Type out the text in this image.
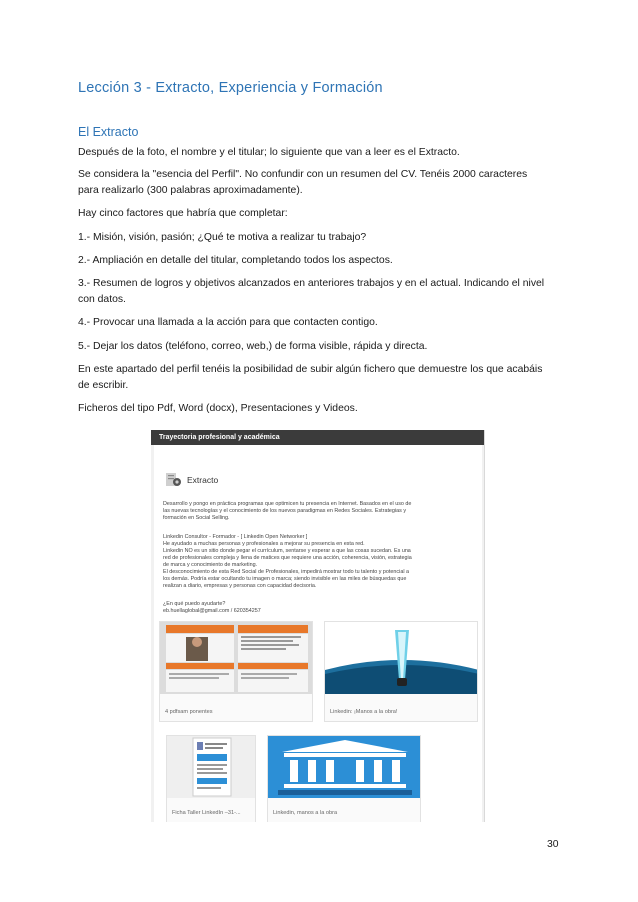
Lección 3 - Extracto, Experiencia y Formación
El Extracto
Después de la foto, el nombre y el titular; lo siguiente que van a leer es el Extracto.
Se considera la "esencia del Perfil". No confundir con un resumen del CV. Tenéis 2000 caracteres
para realizarlo (300 palabras aproximadamente).
Hay cinco factores que habría que completar:
1.- Misión, visión, pasión; ¿Qué te motiva a realizar tu trabajo?
2.- Ampliación en detalle del titular, completando todos los aspectos.
3.- Resumen de logros y objetivos alcanzados en anteriores trabajos y en el actual. Indicando el nivel
con datos.
4.- Provocar una llamada a la acción para que contacten contigo.
5.- Dejar los datos (teléfono, correo, web,) de forma visible, rápida y directa.
En este apartado del perfil tenéis la posibilidad de subir algún fichero que demuestre los que acabáis
de escribir.
Ficheros del tipo Pdf, Word (docx), Presentaciones y Videos.
Trayectoria profesional y académica
Extracto
Desarrollo y pongo en práctica programas que optimicen tu presencia en Internet. Basados en el uso de
las nuevas tecnologías y el conocimiento de los nuevos paradigmas en Redes Sociales. Estrategias y
formación en Social Selling.
Linkedin Consultor - Formador - [ Linkedin Open Networker ]
He ayudado a muchas personas y profesionales a mejorar su presencia en esta red.
Linkedin NO es un sitio donde pegar el currículum, sentarse y esperar a que las cosas sucedan. Es una
red de profesionales compleja y llena de matices que requiere una acción, coherencia, visión, estrategia
de marca y conocimiento de marketing.
El desconocimiento de esta Red Social de Profesionales, impedirá mostrar todo tu talento y potencial a
los demás. Podría estar ocultando tu imagen o marca; siendo invisible en las miles de búsquedas que
realizan a diario, empresas y personas con capacidad decisoria.
¿En qué puedo ayudarte?
eb.huellaglobal@gmail.com / 620354257
4 pdfsam ponentes	Linkedin: ¡Manos a la obra!
Ficha Taller LinkedIn –31-...	Linkedin, manos a la obra
30
